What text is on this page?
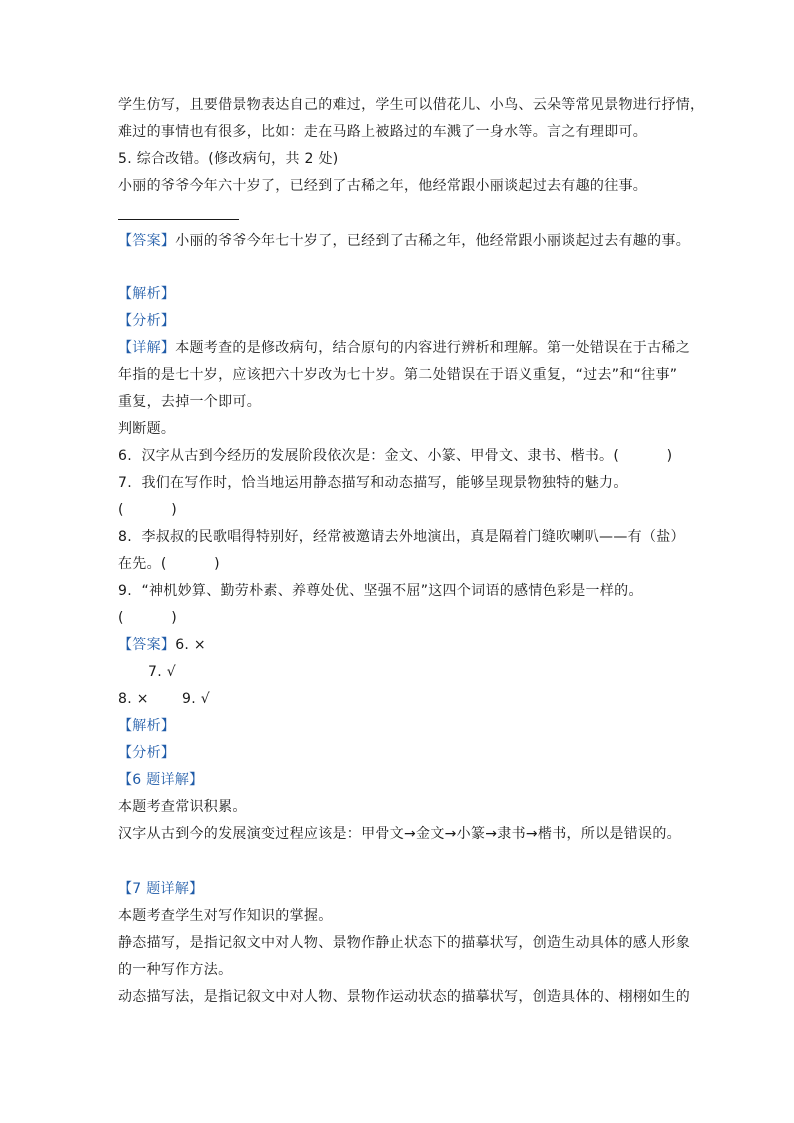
学生仿写，且要借景物表达自己的难过，学生可以借花儿、小鸟、云朵等常见景物进行抒情，
难过的事情也有很多，比如：走在马路上被路过的车溅了一身水等。言之有理即可。
5. 综合改错。(修改病句，共 2 处)
小丽的爷爷今年六十岁了，已经到了古稀之年，他经常跟小丽谈起过去有趣的往事。
【答案】小丽的爷爷今年七十岁了，已经到了古稀之年，他经常跟小丽谈起过去有趣的事。
【解析】
【分析】
【详解】本题考查的是修改病句，结合原句的内容进行辨析和理解。第一处错误在于古稀之
年指的是七十岁，应该把六十岁改为七十岁。第二处错误在于语义重复，“过去”和“往事”
重复，去掉一个即可。
判断题。
6.  汉字从古到今经历的发展阶段依次是：金文、小篆、甲骨文、隶书、楷书。(          )
7.  我们在写作时，恰当地运用静态描写和动态描写，能够呈现景物独特的魅力。
(          )
8.  李叔叔的民歌唱得特别好，经常被邀请去外地演出，真是隔着门缝吹喇叭——有（盐）
在先。(          )
9.  “神机妙算、勤劳朴素、养尊处优、坚强不屈”这四个词语的感情色彩是一样的。
(          )
【答案】6. ×
7. √
8. ×       9. √
【解析】
【分析】
【6 题详解】
本题考查常识积累。
汉字从古到今的发展演变过程应该是：甲骨文→金文→小篆→隶书→楷书，所以是错误的。
【7 题详解】
本题考查学生对写作知识的掌握。
静态描写，是指记叙文中对人物、景物作静止状态下的描摹状写，创造生动具体的感人形象
的一种写作方法。
动态描写法，是指记叙文中对人物、景物作运动状态的描摹状写，创造具体的、栩栩如生的
